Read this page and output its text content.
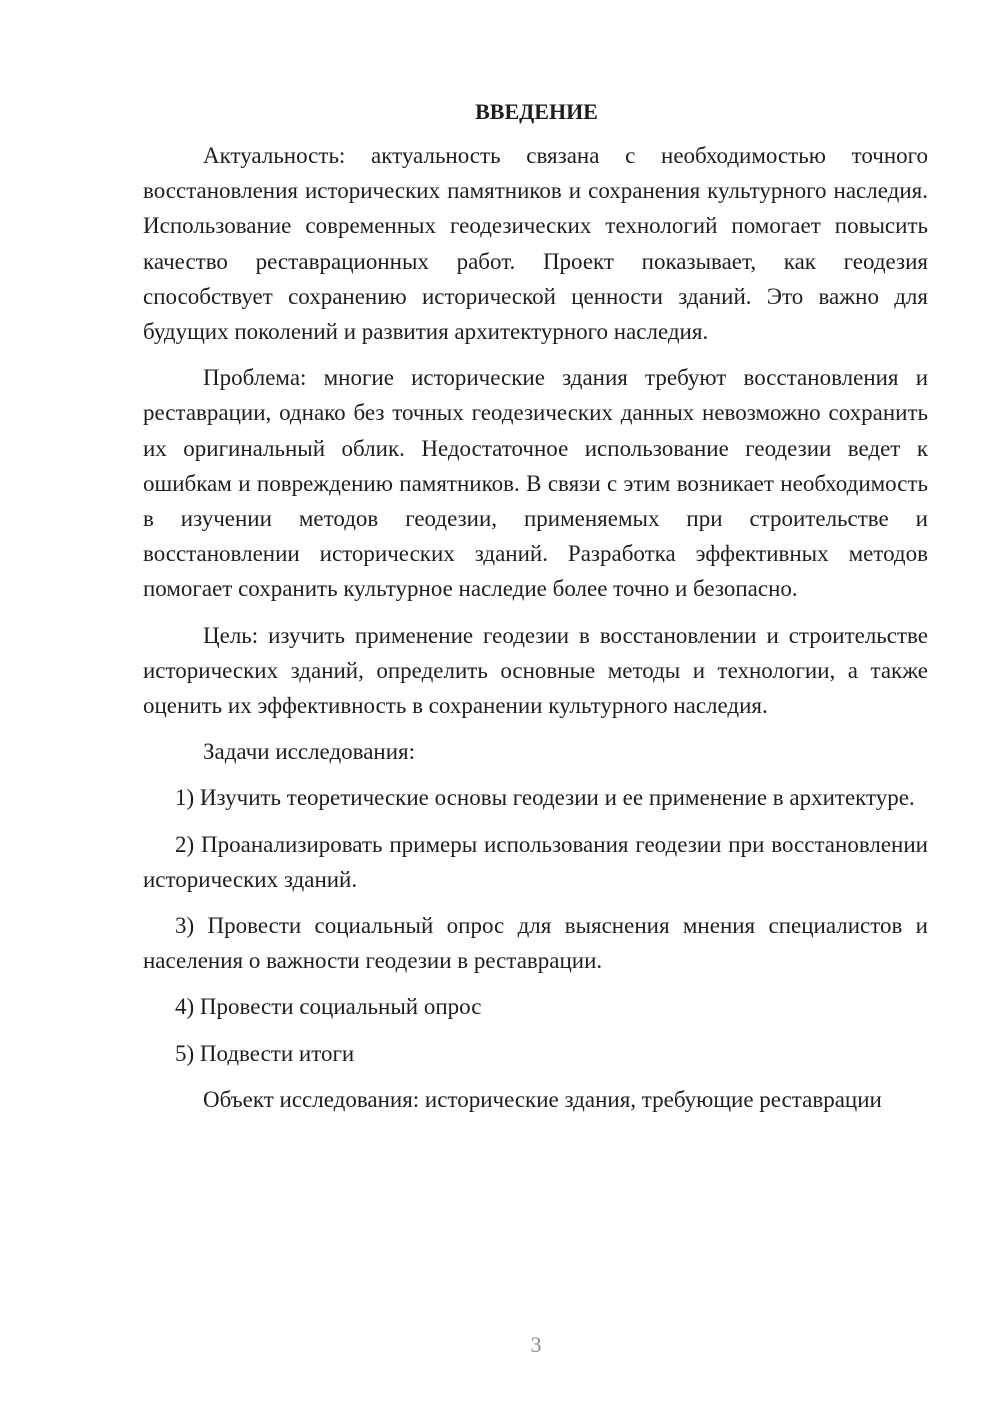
ВВЕДЕНИЕ

Актуальность: актуальность связана с необходимостью точного восстановления исторических памятников и сохранения культурного наследия. Использование современных геодезических технологий помогает повысить качество реставрационных работ. Проект показывает, как геодезия способствует сохранению исторической ценности зданий. Это важно для будущих поколений и развития архитектурного наследия.

Проблема: многие исторические здания требуют восстановления и реставрации, однако без точных геодезических данных невозможно сохранить их оригинальный облик. Недостаточное использование геодезии ведет к ошибкам и повреждению памятников. В связи с этим возникает необходимость в изучении методов геодезии, применяемых при строительстве и восстановлении исторических зданий. Разработка эффективных методов помогает сохранить культурное наследие более точно и безопасно.

Цель: изучить применение геодезии в восстановлении и строительстве исторических зданий, определить основные методы и технологии, а также оценить их эффективность в сохранении культурного наследия.

Задачи исследования:

1) Изучить теоретические основы геодезии и ее применение в архитектуре.

2) Проанализировать примеры использования геодезии при восстановлении исторических зданий.

3) Провести социальный опрос для выяснения мнения специалистов и населения о важности геодезии в реставрации.

4) Провести социальный опрос

5) Подвести итоги

Объект исследования: исторические здания, требующие реставрации

3
